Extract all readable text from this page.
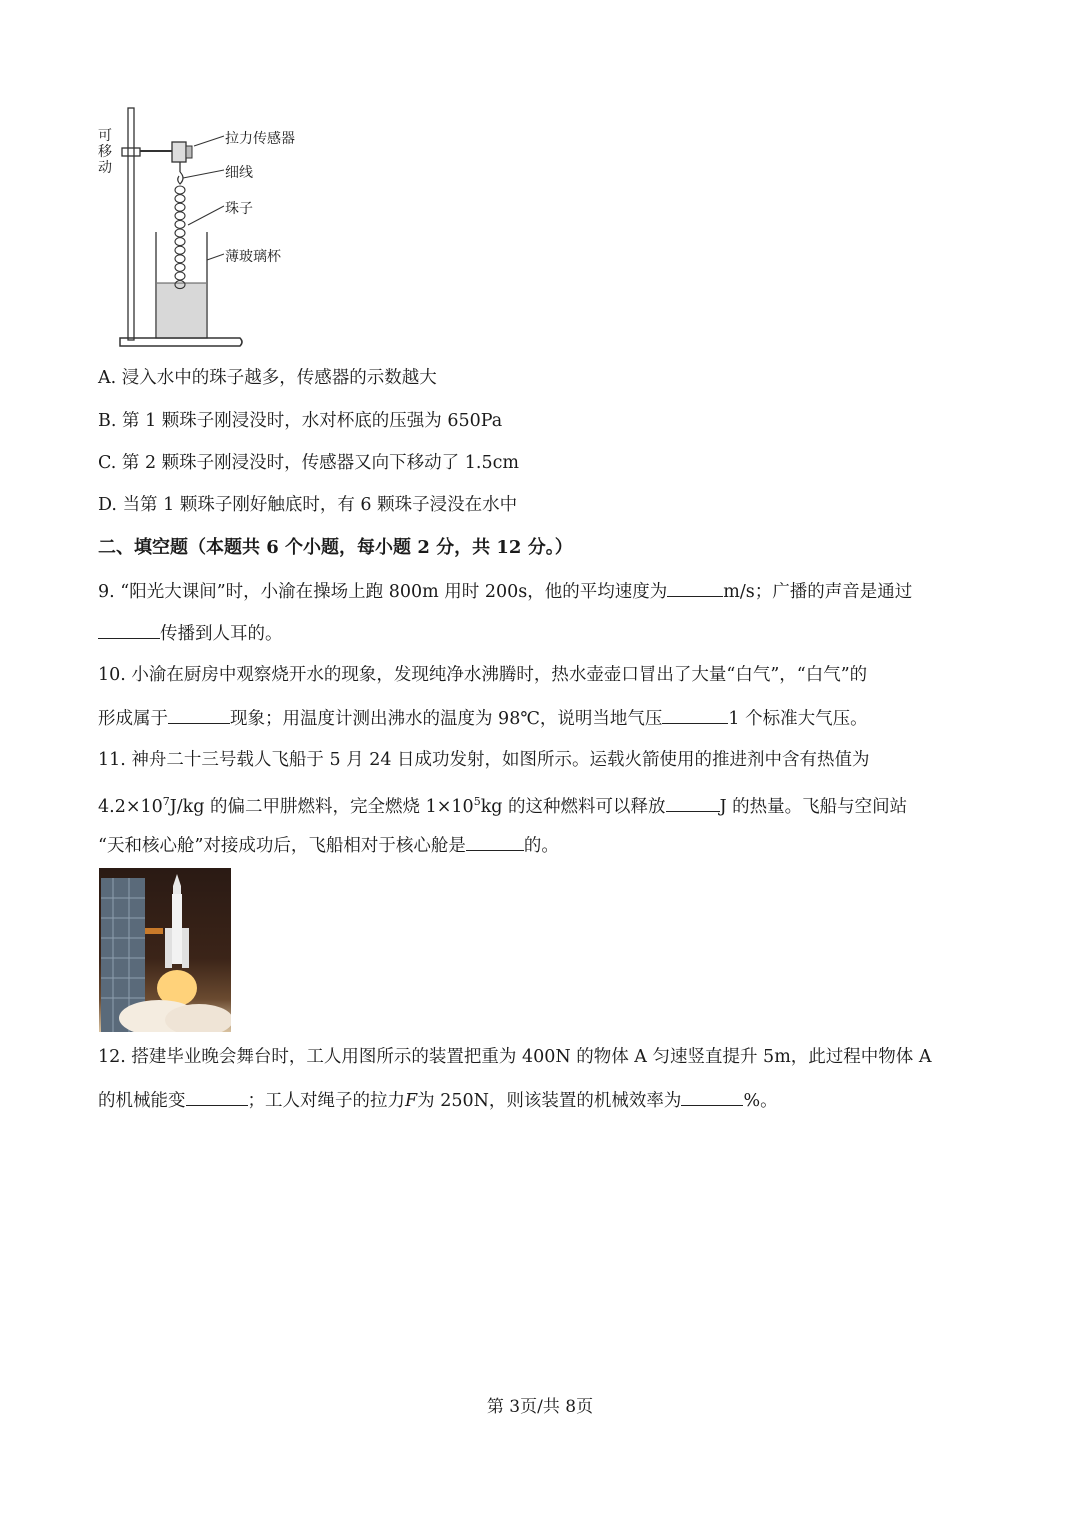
可
移
动
拉力传感器
细线
珠子
薄玻璃杯
A. 浸入水中的珠子越多，传感器的示数越大
B. 第 1 颗珠子刚浸没时，水对杯底的压强为 650Pa
C. 第 2 颗珠子刚浸没时，传感器又向下移动了 1.5cm
D. 当第 1 颗珠子刚好触底时，有 6 颗珠子浸没在水中
二、填空题（本题共 6 个小题，每小题 2 分，共 12 分。）
9. “阳光大课间”时，小渝在操场上跑 800m 用时 200s，他的平均速度为	m/s；广播的声音是通过
传播到人耳的。
10. 小渝在厨房中观察烧开水的现象，发现纯净水沸腾时，热水壶壶口冒出了大量“白气”，“白气”的
形成属于	现象；用温度计测出沸水的温度为 98℃，说明当地气压	1 个标准大气压。
11. 神舟二十三号载人飞船于 5 月 24 日成功发射，如图所示。运载火箭使用的推进剂中含有热值为
$4.2\times 10^7J/kg$ 的偏二甲肼燃料，完全燃烧 $1\times 10^5kg$ 的这种燃料可以释放	J 的热量。飞船与空间站
“天和核心舱”对接成功后，飞船相对于核心舱是	的。
12. 搭建毕业晚会舞台时，工人用图所示的装置把重为 400N 的物体 A 匀速竖直提升 5m，此过程中物体 A
的机械能变	；工人对绳子的拉力F为 250N，则该装置的机械效率为	%。
第 3页/共 8页
